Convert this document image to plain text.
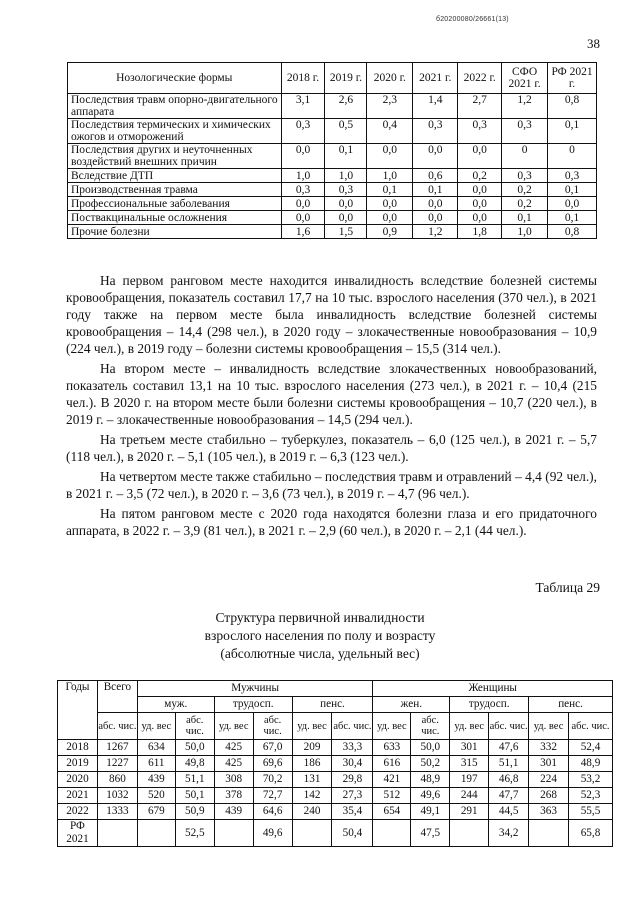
б20200080/26661(13)
38
Нозологические формы	2018 г.	2019 г.	2020 г.	2021 г.	2022 г.	СФО 2021 г.	РФ 2021 г.
Последствия травм опорно-двигательного аппарата	3,1	2,6	2,3	1,4	2,7	1,2	0,8
Последствия термических и химических ожогов и отморожений	0,3	0,5	0,4	0,3	0,3	0,3	0,1
Последствия других и неуточненных воздействий внешних причин	0,0	0,1	0,0	0,0	0,0	0	0
Вследствие ДТП	1,0	1,0	1,0	0,6	0,2	0,3	0,3
Производственная травма	0,3	0,3	0,1	0,1	0,0	0,2	0,1
Профессиональные заболевания	0,0	0,0	0,0	0,0	0,0	0,2	0,0
Поствакцинальные осложнения	0,0	0,0	0,0	0,0	0,0	0,1	0,1
Прочие болезни	1,6	1,5	0,9	1,2	1,8	1,0	0,8

На первом ранговом месте находится инвалидность вследствие болезней системы кровообращения, показатель составил 17,7 на 10 тыс. взрослого населения (370 чел.), в 2021 году также на первом месте была инвалидность вследствие болезней системы кровообращения – 14,4 (298 чел.), в 2020 году – злокачественные новообразования – 10,9 (224 чел.), в 2019 году – болезни системы кровообращения – 15,5 (314 чел.).

На втором месте – инвалидность вследствие злокачественных новообразований, показатель составил 13,1 на 10 тыс. взрослого населения (273 чел.), в 2021 г. – 10,4 (215 чел.). В 2020 г. на втором месте были болезни системы кровообращения – 10,7 (220 чел.), в 2019 г. – злокачественные новообразования – 14,5 (294 чел.).

На третьем месте стабильно – туберкулез, показатель – 6,0 (125 чел.), в 2021 г. – 5,7 (118 чел.), в 2020 г. – 5,1 (105 чел.), в 2019 г. – 6,3 (123 чел.).

На четвертом месте также стабильно – последствия травм и отравлений – 4,4 (92 чел.), в 2021 г. – 3,5 (72 чел.), в 2020 г. – 3,6 (73 чел.), в 2019 г. – 4,7 (96 чел.).

На пятом ранговом месте с 2020 года находятся болезни глаза и его придаточного аппарата, в 2022 г. – 3,9 (81 чел.), в 2021 г. – 2,9 (60 чел.), в 2020 г. – 2,1 (44 чел.).

Таблица 29
Структура первичной инвалидности
взрослого населения по полу и возрасту
(абсолютные числа, удельный вес)
Годы	Всего	Мужчины						Женщины					
		муж.		трудосп.		пенс.		жен.		трудосп.		пенс.	
	абс. чис.	уд. вес	абс. чис.	уд. вес	абс. чис.	уд. вес	абс. чис.	уд. вес	абс. чис.	уд. вес	абс. чис.	уд. вес	абс. чис.
2018	1267	634	50,0	425	67,0	209	33,3	633	50,0	301	47,6	332	52,4
2019	1227	611	49,8	425	69,6	186	30,4	616	50,2	315	51,1	301	48,9
2020	860	439	51,1	308	70,2	131	29,8	421	48,9	197	46,8	224	53,2
2021	1032	520	50,1	378	72,7	142	27,3	512	49,6	244	47,7	268	52,3
2022	1333	679	50,9	439	64,6	240	35,4	654	49,1	291	44,5	363	55,5
РФ 2021			52,5		49,6		50,4		47,5		34,2		65,8
